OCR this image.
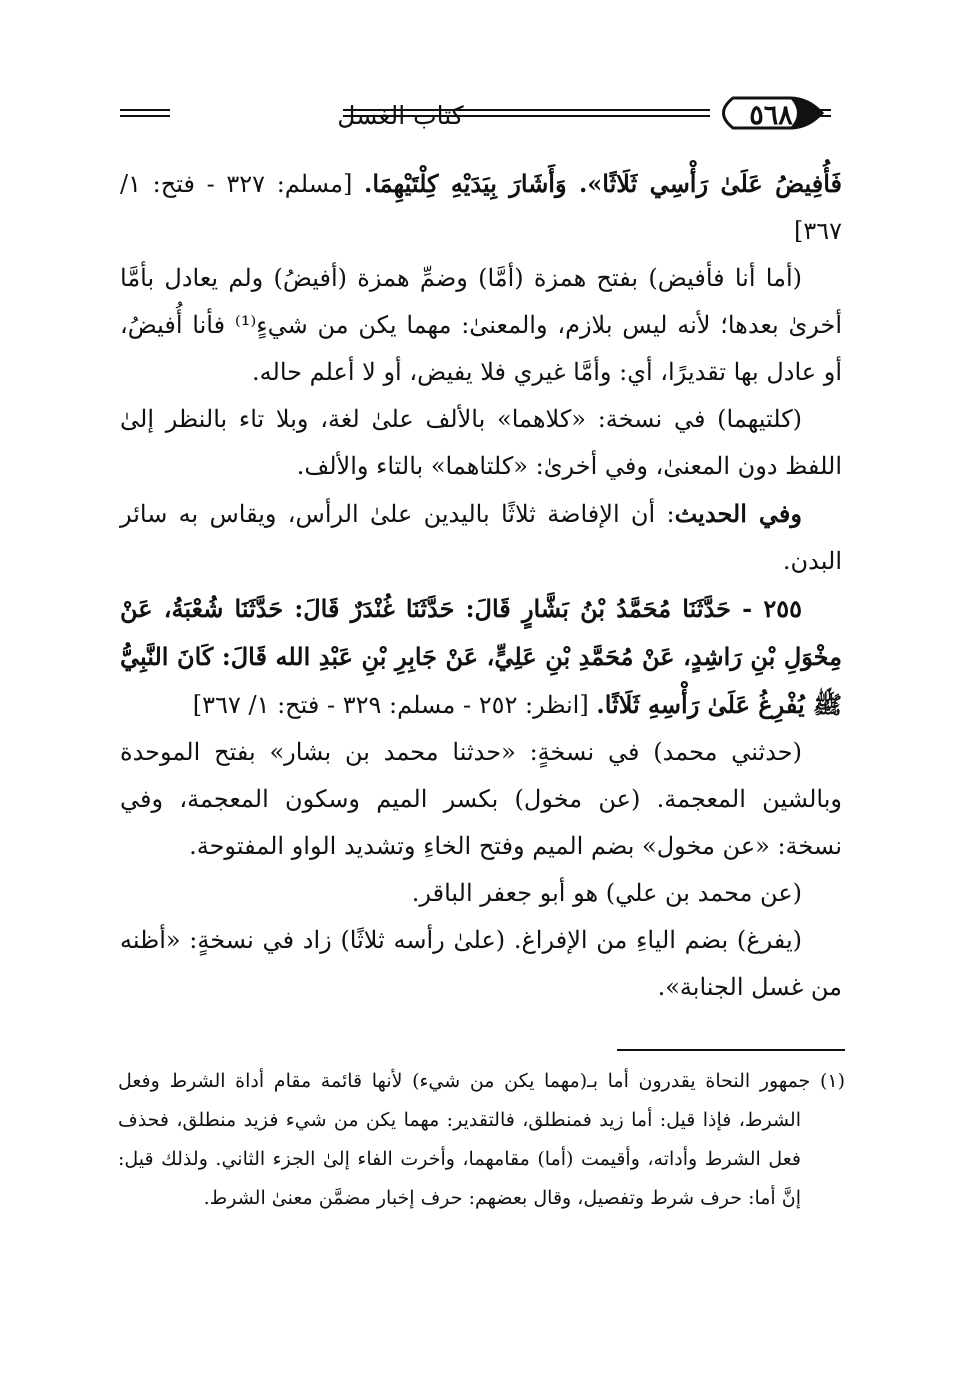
٥٦٨
كتاب الغسل

فَأُفِيضُ عَلَىٰ رَأْسِي ثَلَاثًا». وَأَشَارَ بِيَدَيْهِ كِلْتَيْهِمَا. [مسلم: ٣٢٧ - فتح: ١/ ٣٦٧]

(أما أنا فأفيض) بفتح همزة (أمَّا) وضمِّ همزة (أفيضُ) ولم يعادل بأمَّا أخرىٰ بعدها؛ لأنه ليس بلازم، والمعنىٰ: مهما يكن من شيءٍ⁽¹⁾ فأنا أُفيضُ، أو عادل بها تقديرًا، أي: وأمَّا غيري فلا يفيض، أو لا أعلم حاله.

(كلتيهما) في نسخة: «كلاهما» بالألف علىٰ لغة، وبلا تاء بالنظر إلىٰ اللفظ دون المعنىٰ، وفي أخرىٰ: «كلتاهما» بالتاء والألف.

وفي الحديث: أن الإفاضة ثلاثًا باليدين علىٰ الرأس، ويقاس به سائر البدن.

٢٥٥ - حَدَّثَنَا مُحَمَّدُ بْنُ بَشَّارٍ قَالَ: حَدَّثَنَا غُنْدَرٌ قَالَ: حَدَّثَنَا شُعْبَةُ، عَنْ مِخْوَلِ بْنِ رَاشِدٍ، عَنْ مُحَمَّدِ بْنِ عَلِيٍّ، عَنْ جَابِرِ بْنِ عَبْدِ الله قَالَ: كَانَ النَّبِيُّ ﷺ يُفْرِغُ عَلَىٰ رَأْسِهِ ثَلَاثًا. [انظر: ٢٥٢ - مسلم: ٣٢٩ - فتح: ١/ ٣٦٧]

(حدثني محمد) في نسخةٍ: «حدثنا محمد بن بشار» بفتح الموحدة وبالشين المعجمة. (عن مخول) بكسر الميم وسكون المعجمة، وفي نسخة: «عن مخول» بضم الميم وفتح الخاءِ وتشديد الواو المفتوحة.

(عن محمد بن علي) هو أبو جعفر الباقر.

(يفرغ) بضم الياءِ من الإفراغ. (علىٰ رأسه ثلاثًا) زاد في نسخةٍ: «أظنه من غسل الجنابة».

(١) جمهور النحاة يقدرون أما بـ(مهما يكن من شيء) لأنها قائمة مقام أداة الشرط وفعل الشرط، فإذا قيل: أما زيد فمنطلق، فالتقدير: مهما يكن من شيء فزيد منطلق، فحذف فعل الشرط وأداته، وأقيمت (أما) مقامهما، وأخرت الفاء إلىٰ الجزء الثاني. ولذلك قيل: إنَّ أما: حرف شرط وتفصيل، وقال بعضهم: حرف إخبار مضمَّن معنىٰ الشرط.
